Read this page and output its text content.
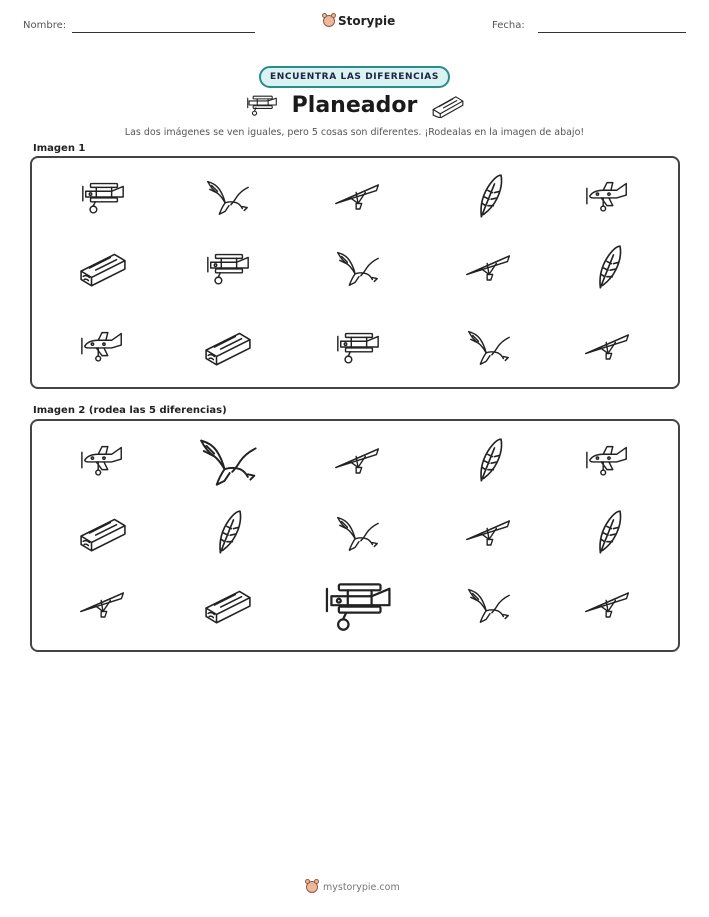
Nombre:	Storypie	Fecha:
ENCUENTRA LAS DIFERENCIAS
Planeador
Las dos imágenes se ven iguales, pero 5 cosas son diferentes. ¡Rodealas en la imagen de abajo!
Imagen 1
Imagen 2 (rodea las 5 diferencias)
mystorypie.com
